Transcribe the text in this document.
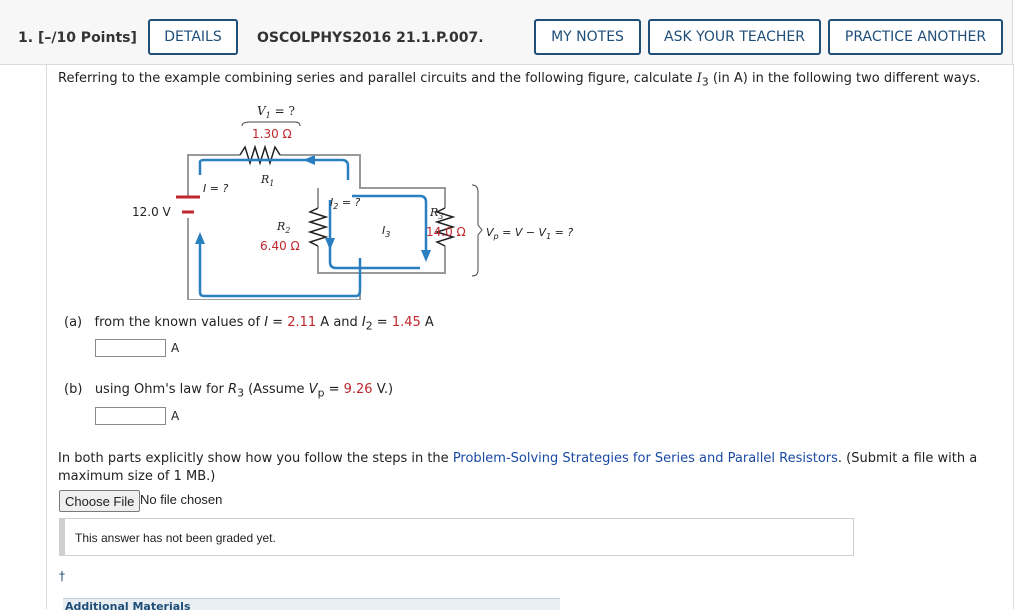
1. [–/10 Points]	DETAILS	OSCOLPHYS2016 21.1.P.007.	MY NOTES	ASK YOUR TEACHER	PRACTICE ANOTHER
Referring to the example combining series and parallel circuits and the following figure, calculate $I_3$ (in A) in the following two different ways.
$V_1$ = ?
1.30 Ω
$R_1$
I = ?
12.0 V
$R_2$
6.40 Ω
$I_2$ = ?
$I_3$
$R_3$
14.0 Ω $V_p = V - V_1$ = ?
(a) from the known values of I = 2.11 A and $I_2 = 1.45$ A
A
(b) using Ohm's law for $R_3$ (Assume $V_p = 9.26$ V.)
A
In both parts explicitly show how you follow the steps in the Problem-Solving Strategies for Series and Parallel Resistors. (Submit a file with a maximum size of 1 MB.)
Choose File No file chosen
This answer has not been graded yet.
†
Additional Materials
